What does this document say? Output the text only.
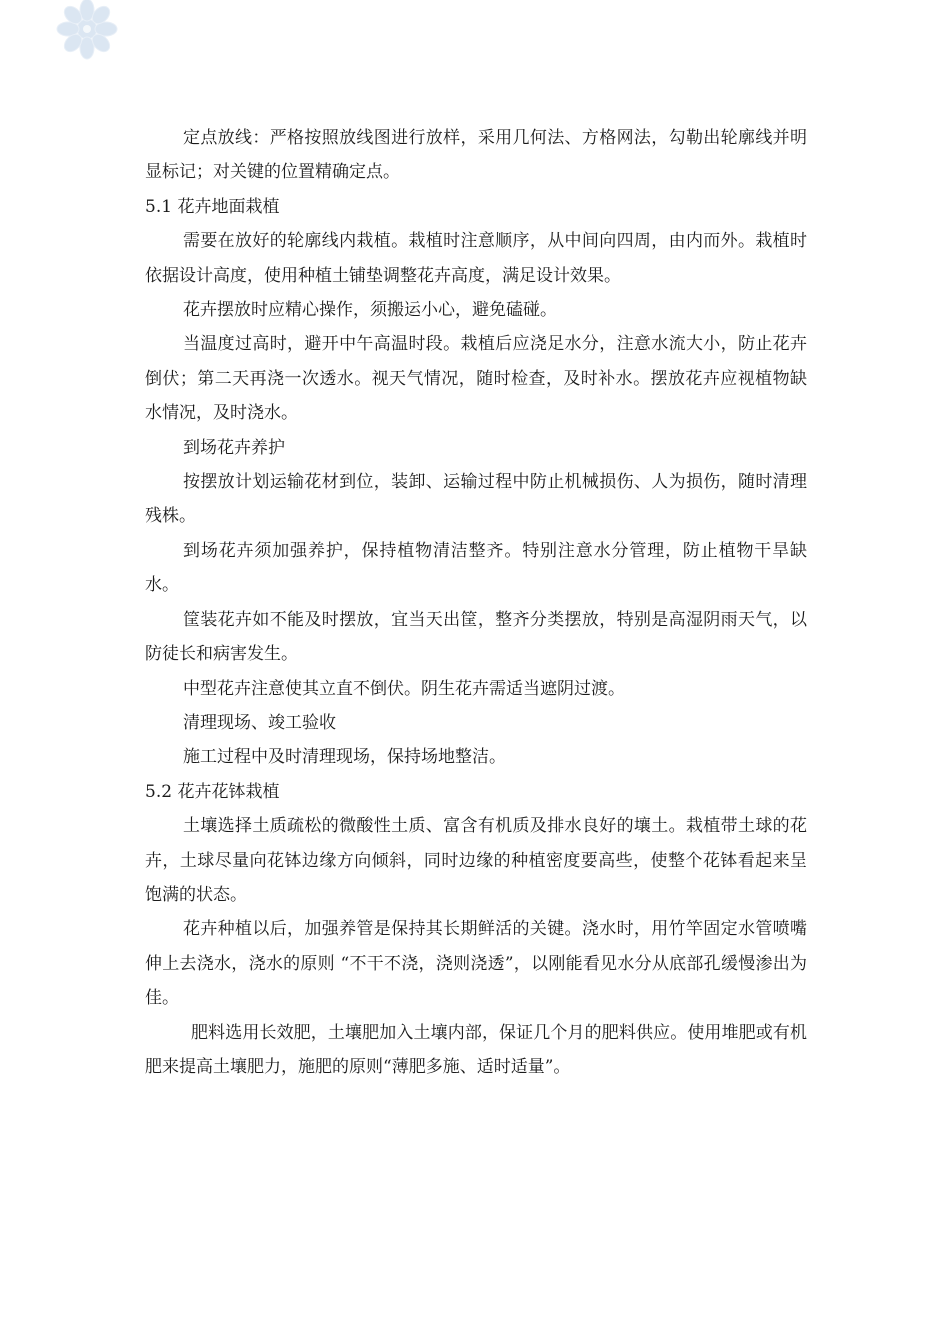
定点放线：严格按照放线图进行放样，采用几何法、方格网法，勾勒出轮廓线并明显标记；对关键的位置精确定点。

5.1 花卉地面栽植

需要在放好的轮廓线内栽植。栽植时注意顺序，从中间向四周，由内而外。栽植时依据设计高度，使用种植土铺垫调整花卉高度，满足设计效果。

花卉摆放时应精心操作，须搬运小心，避免磕碰。

当温度过高时，避开中午高温时段。栽植后应浇足水分，注意水流大小，防止花卉倒伏；第二天再浇一次透水。视天气情况，随时检查，及时补水。摆放花卉应视植物缺水情况，及时浇水。

到场花卉养护

按摆放计划运输花材到位，装卸、运输过程中防止机械损伤、人为损伤，随时清理残株。

到场花卉须加强养护，保持植物清洁整齐。特别注意水分管理，防止植物干旱缺水。

筐装花卉如不能及时摆放，宜当天出筐，整齐分类摆放，特别是高湿阴雨天气，以防徒长和病害发生。

中型花卉注意使其立直不倒伏。阴生花卉需适当遮阴过渡。

清理现场、竣工验收

施工过程中及时清理现场，保持场地整洁。

5.2 花卉花钵栽植

土壤选择土质疏松的微酸性土质、富含有机质及排水良好的壤土。栽植带土球的花卉，土球尽量向花钵边缘方向倾斜，同时边缘的种植密度要高些，使整个花钵看起来呈饱满的状态。

花卉种植以后，加强养管是保持其长期鲜活的关键。浇水时，用竹竿固定水管喷嘴伸上去浇水，浇水的原则 “不干不浇，浇则浇透”，以刚能看见水分从底部孔缓慢渗出为佳。

肥料选用长效肥，土壤肥加入土壤内部，保证几个月的肥料供应。使用堆肥或有机肥来提高土壤肥力，施肥的原则“薄肥多施、适时适量”。
